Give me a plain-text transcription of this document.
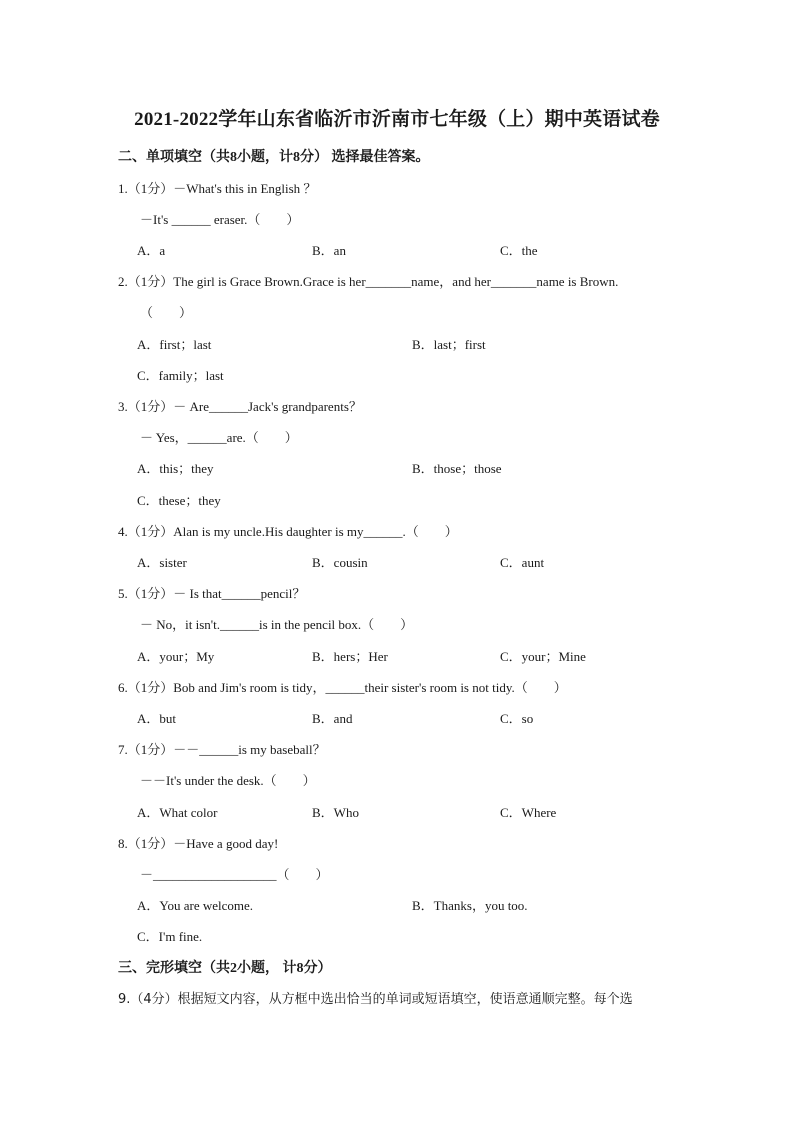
2021-2022学年山东省临沂市沂南市七年级（上）期中英语试卷
二、单项填空（共8小题，计8分） 选择最佳答案。
1.（1分）－What's this in English ？
－It's ______ eraser.（　　）
A．a	B．an	C．the
2.（1分）The girl is Grace Brown.Grace is her_______name，and her_______name is Brown.
（　　）
A．first；last	B．last；first
C．family；last
3.（1分）－ Are______Jack's grandparents？
－ Yes，______are.（　　）
A．this；they	B．those；those
C．these；they
4.（1分）Alan is my uncle.His daughter is my______.（　　）
A．sister	B．cousin	C．aunt
5.（1分）－ Is that______pencil？
－ No，it isn't.______is in the pencil box.（　　）
A．your；My	B．hers；Her	C．your；Mine
6.（1分）Bob and Jim's room is tidy，______their sister's room is not tidy.（　　）
A．but	B．and	C．so
7.（1分）－－______is my baseball？
－－It's under the desk.（　　）
A．What color	B．Who	C．Where
8.（1分）－Have a good day!
－___________________（　　）
A．You are welcome.	B．Thanks，you too.
C．I'm fine.
三、完形填空（共2小题， 计8分）
9.（4分）根据短文内容，从方框中选出恰当的单词或短语填空，使语意通顺完整。每个选
